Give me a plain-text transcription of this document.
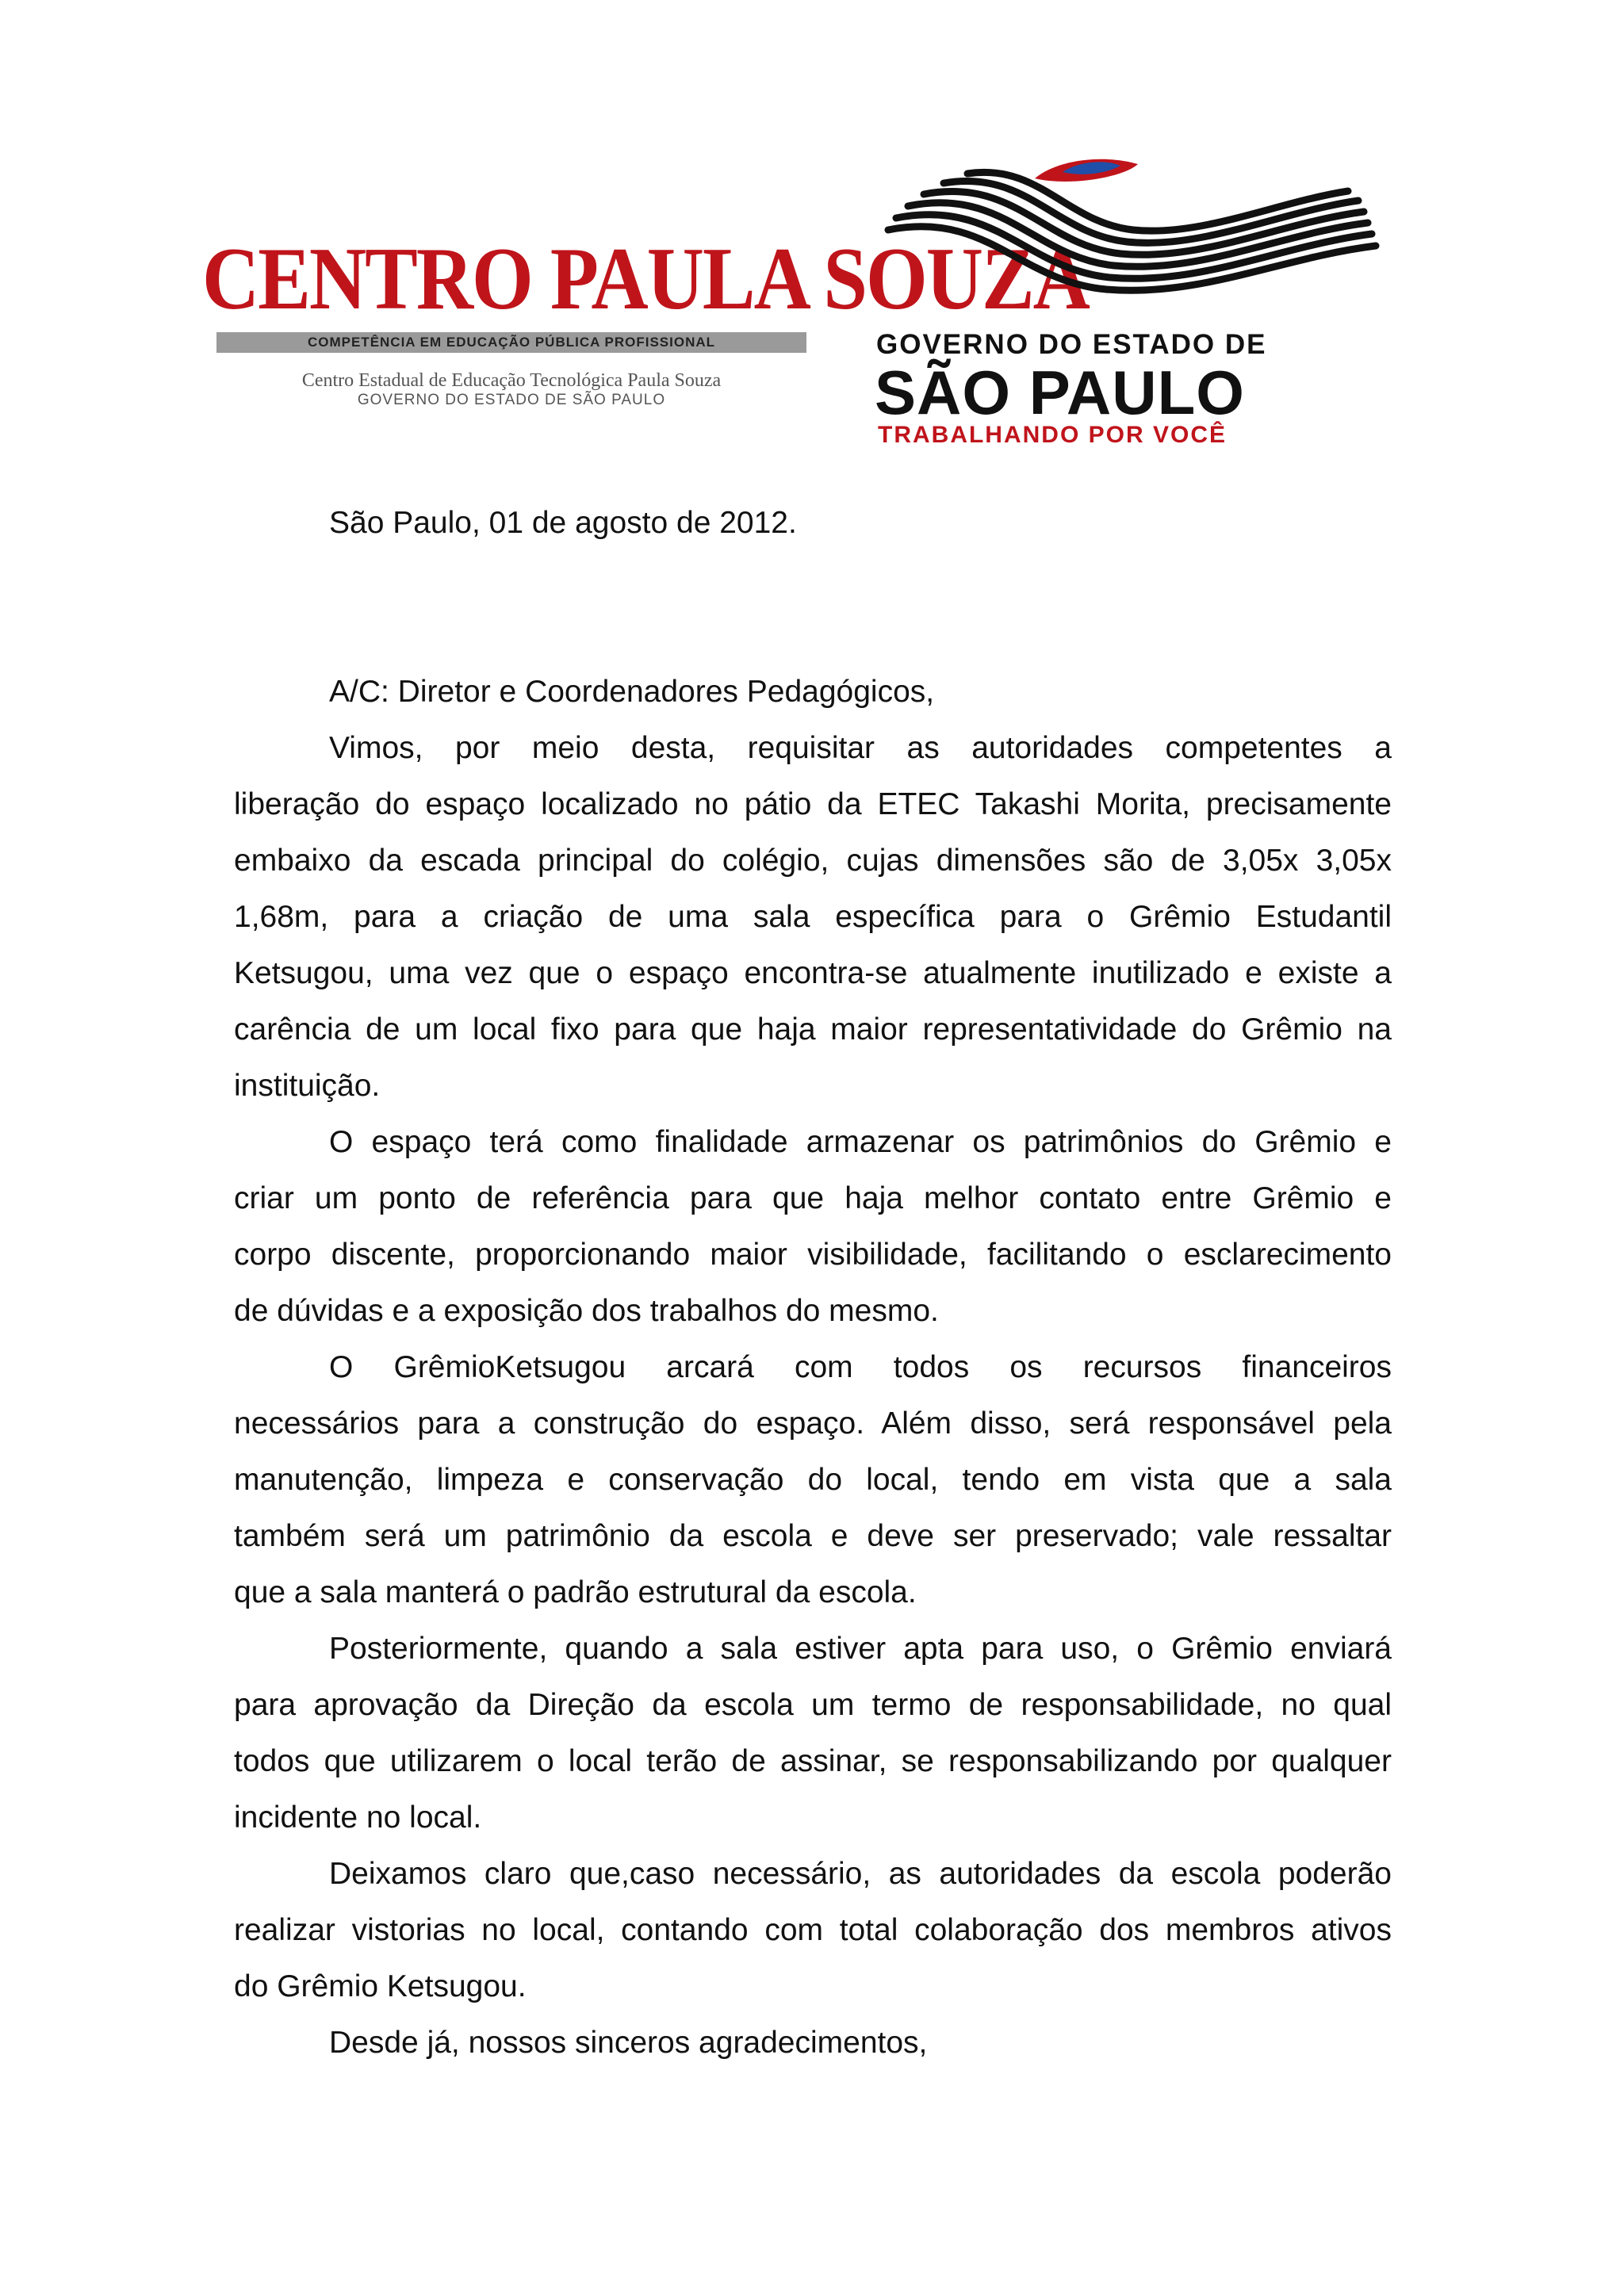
CENTRO PAULA SOUZA
COMPETÊNCIA EM EDUCAÇÃO PÚBLICA PROFISSIONAL
Centro Estadual de Educação Tecnológica Paula Souza
GOVERNO DO ESTADO DE SÃO PAULO
GOVERNO DO ESTADO DE
SÃO PAULO
TRABALHANDO POR VOCÊ
São Paulo, 01 de agosto de 2012.
A/C: Diretor e Coordenadores Pedagógicos,
Vimos, por meio desta, requisitar as autoridades competentes a
liberação do espaço localizado no pátio da ETEC Takashi Morita, precisamente
embaixo da escada principal do colégio, cujas dimensões são de 3,05x 3,05x
1,68m, para a criação de uma sala específica para o Grêmio Estudantil
Ketsugou, uma vez que o espaço encontra-se atualmente inutilizado e existe a
carência de um local fixo para que haja maior representatividade do Grêmio na
instituição.
O espaço terá como finalidade armazenar os patrimônios do Grêmio e
criar um ponto de referência para que haja melhor contato entre Grêmio e
corpo discente, proporcionando maior visibilidade, facilitando o esclarecimento
de dúvidas e a exposição dos trabalhos do mesmo.
O GrêmioKetsugou arcará com todos os recursos financeiros
necessários para a construção do espaço. Além disso, será responsável pela
manutenção, limpeza e conservação do local, tendo em vista que a sala
também será um patrimônio da escola e deve ser preservado; vale ressaltar
que a sala manterá o padrão estrutural da escola.
Posteriormente, quando a sala estiver apta para uso, o Grêmio enviará
para aprovação da Direção da escola um termo de responsabilidade, no qual
todos que utilizarem o local terão de assinar, se responsabilizando por qualquer
incidente no local.
Deixamos claro que,caso necessário, as autoridades da escola poderão
realizar vistorias no local, contando com total colaboração dos membros ativos
do Grêmio Ketsugou.
Desde já, nossos sinceros agradecimentos,
